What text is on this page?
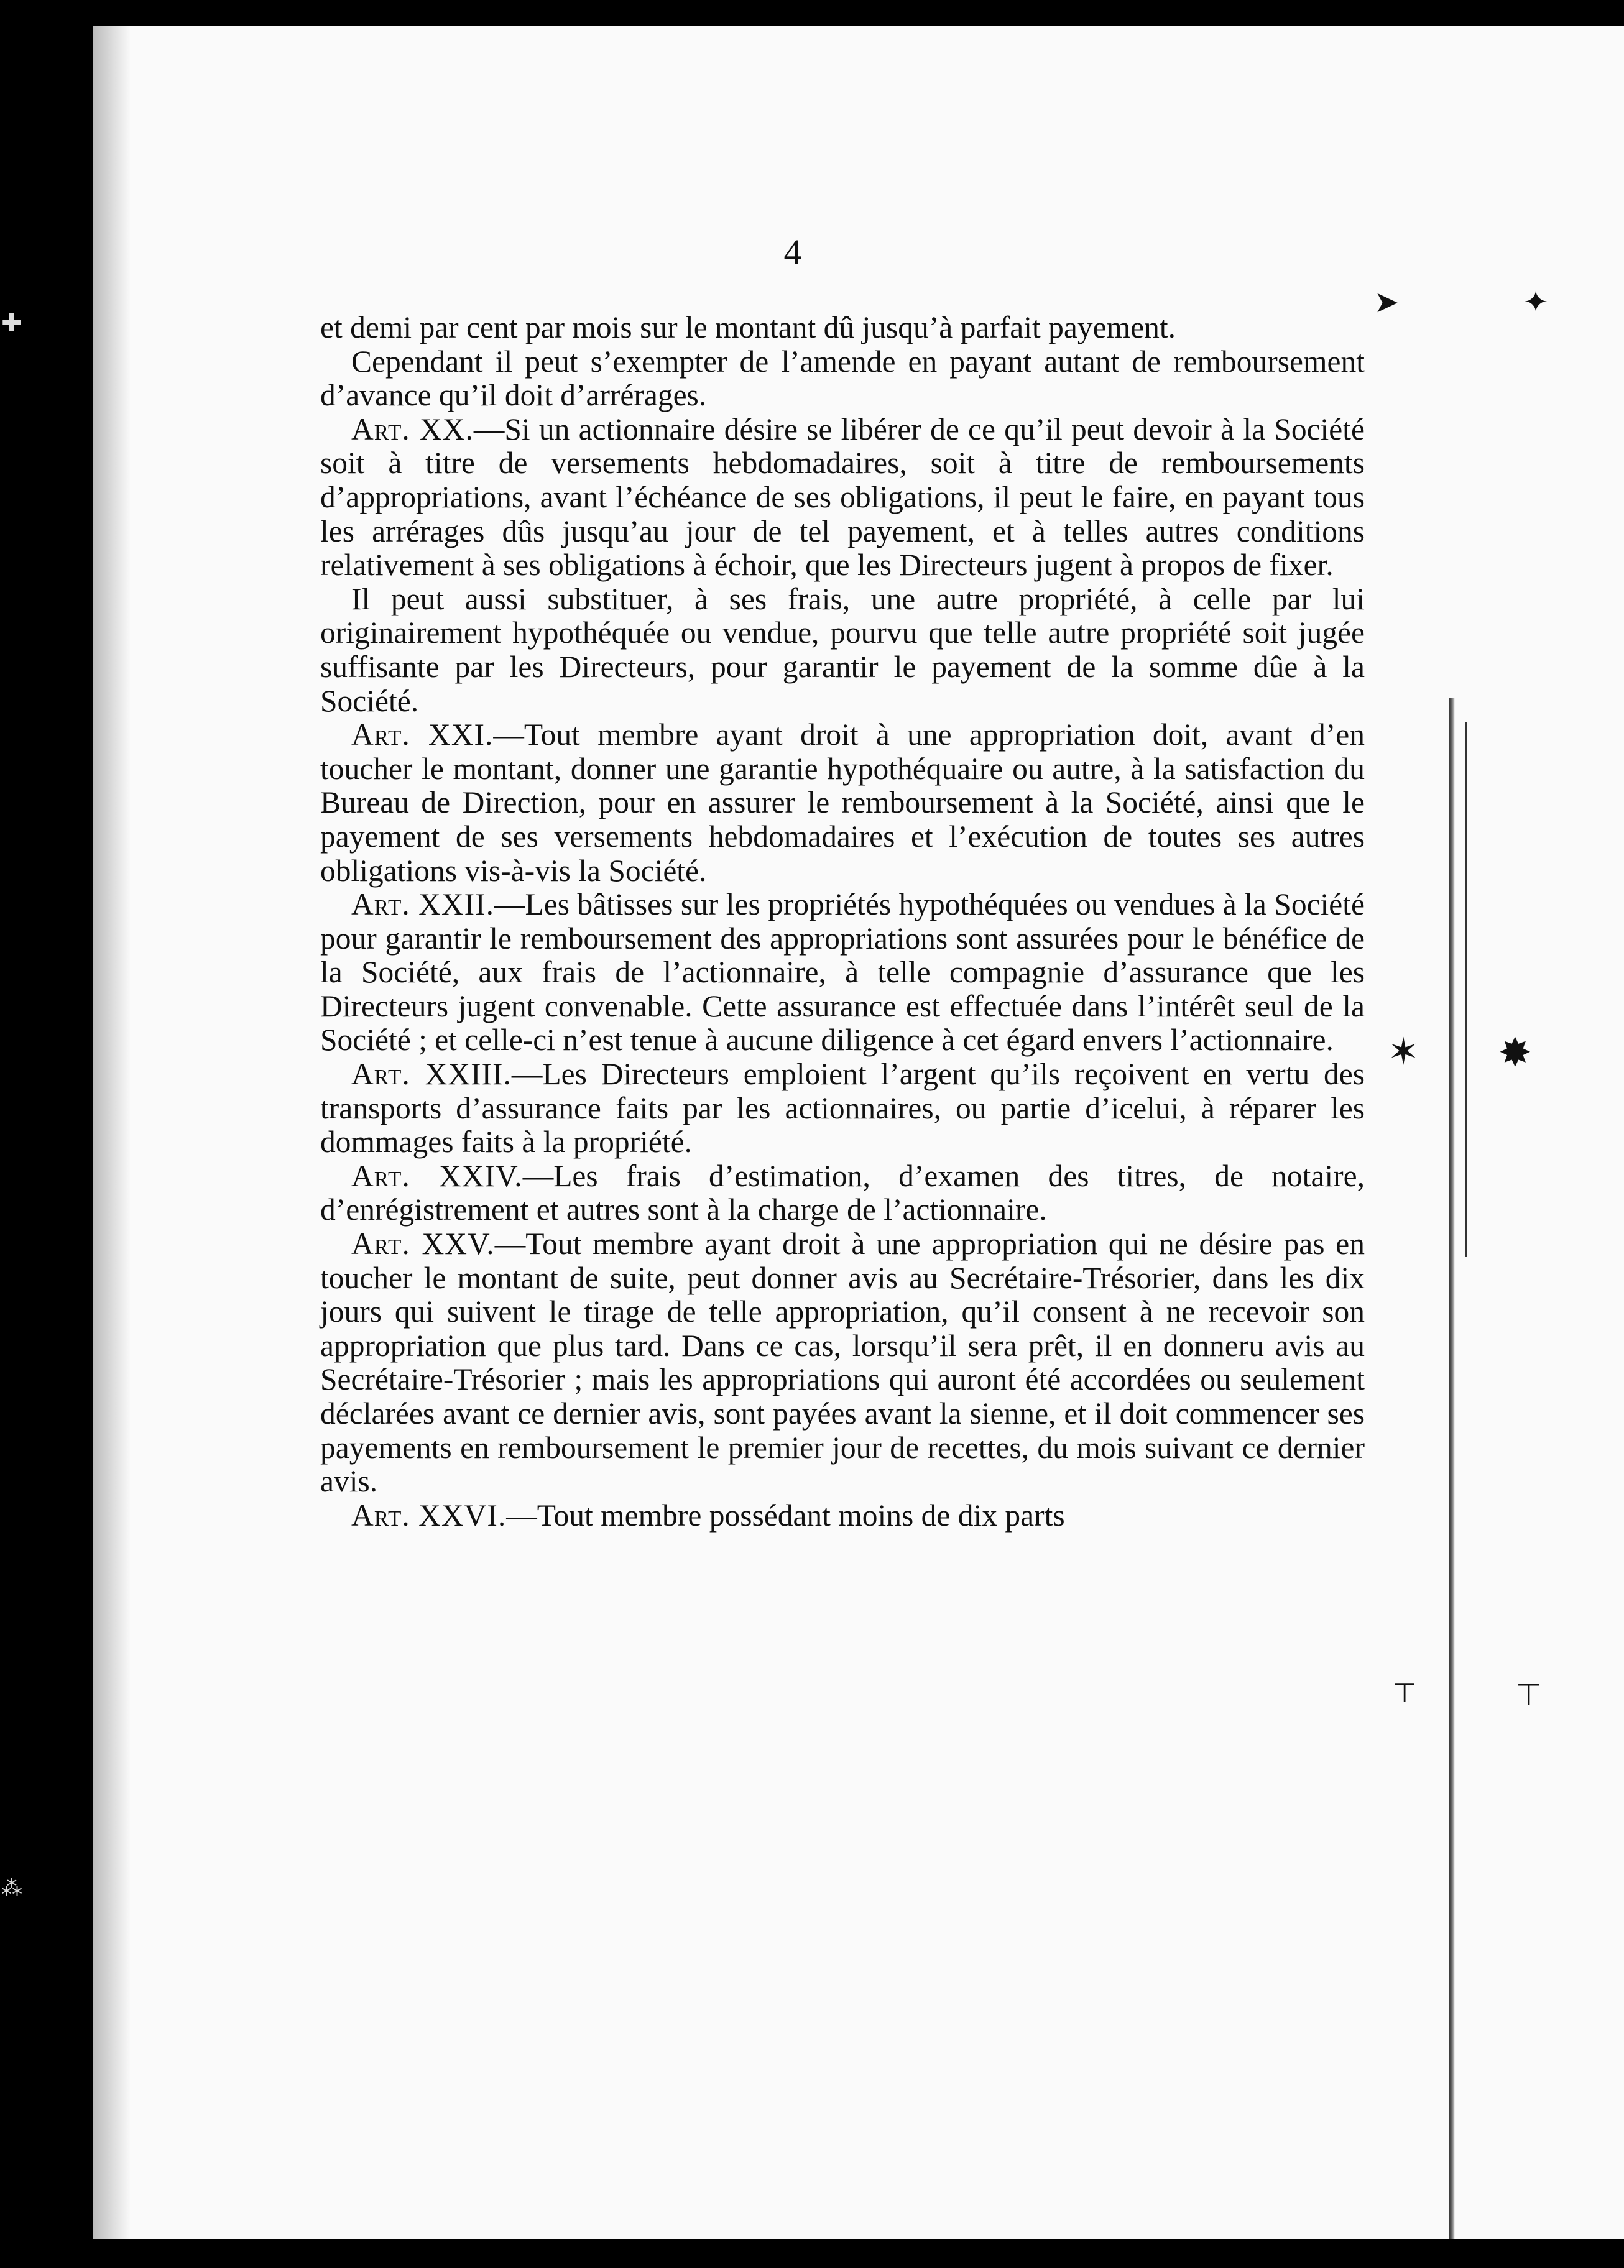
4

et demi par cent par mois sur le montant dû jusqu’à parfait payement.

Cependant il peut s’exempter de l’amende en payant autant de remboursement d’avance qu’il doit d’arrérages.

Art. XX.—Si un actionnaire désire se libérer de ce qu’il peut devoir à la Société soit à titre de versements hebdomadaires, soit à titre de remboursements d’appropriations, avant l’échéance de ses obligations, il peut le faire, en payant tous les arrérages dûs jusqu’au jour de tel payement, et à telles autres conditions relativement à ses obligations à échoir, que les Directeurs jugent à propos de fixer.

Il peut aussi substituer, à ses frais, une autre propriété, à celle par lui originairement hypothéquée ou vendue, pourvu que telle autre propriété soit jugée suffisante par les Directeurs, pour garantir le payement de la somme dûe à la Société.

Art. XXI.—Tout membre ayant droit à une appropriation doit, avant d’en toucher le montant, donner une garantie hypothéquaire ou autre, à la satisfaction du Bureau de Direction, pour en assurer le remboursement à la Société, ainsi que le payement de ses versements hebdomadaires et l’exécution de toutes ses autres obligations vis-à-vis la Société.

Art. XXII.—Les bâtisses sur les propriétés hypothéquées ou vendues à la Société pour garantir le remboursement des appropriations sont assurées pour le bénéfice de la Société, aux frais de l’actionnaire, à telle compagnie d’assurance que les Directeurs jugent convenable. Cette assurance est effectuée dans l’intérêt seul de la Société ; et celle-ci n’est tenue à aucune diligence à cet égard envers l’actionnaire.

Art. XXIII.—Les Directeurs emploient l’argent qu’ils reçoivent en vertu des transports d’assurance faits par les actionnaires, ou partie d’icelui, à réparer les dommages faits à la propriété.

Art. XXIV.—Les frais d’estimation, d’examen des titres, de notaire, d’enrégistrement et autres sont à la charge de l’actionnaire.

Art. XXV.—Tout membre ayant droit à une appropriation qui ne désire pas en toucher le montant de suite, peut donner avis au Secrétaire-Trésorier, dans les dix jours qui suivent le tirage de telle appropriation, qu’il consent à ne recevoir son appropriation que plus tard. Dans ce cas, lorsqu’il sera prêt, il en donneru avis au Secrétaire-Trésorier ; mais les appropriations qui auront été accordées ou seulement déclarées avant ce dernier avis, sont payées avant la sienne, et il doit commencer ses payements en remboursement le premier jour de recettes, du mois suivant ce dernier avis.

Art. XXVI.—Tout membre possédant moins de dix parts

➤	✦
✶ ✸
⊤	⊤
✚
⁂
